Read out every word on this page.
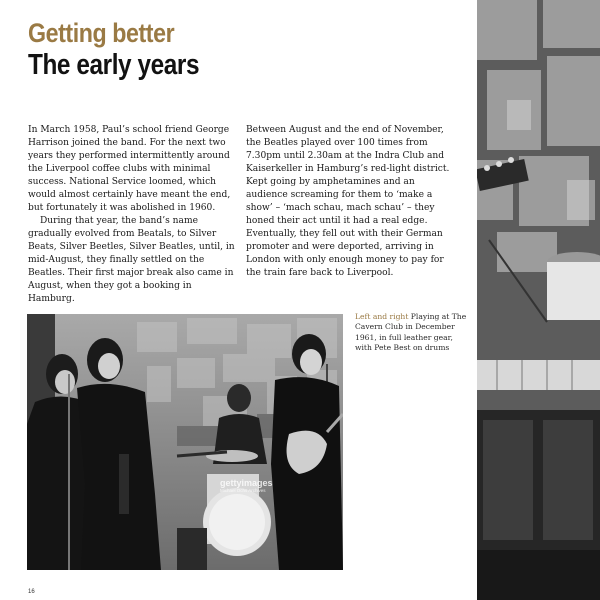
Getting better
The early years

In March 1958, Paul’s school friend George Harrison joined the band. For the next two years they performed intermittently around the Liverpool coffee clubs with minimal success. National Service loomed, which would almost certainly have meant the end, but fortunately it was abolished in 1960.

During that year, the band’s name gradually evolved from Beatals, to Silver Beats, Silver Beetles, Silver Beatles, until, in mid-August, they finally settled on the Beatles. Their first major break also came in August, when they got a booking in Hamburg.

Between August and the end of November, the Beatles played over 100 times from 7.30pm until 2.30am at the Indra Club and Kaiserkeller in Hamburg’s red-light district. Kept going by amphetamines and an audience screaming for them to ‘make a show’ – ‘mach schau, mach schau’ – they honed their act until it had a real edge. Eventually, they fell out with their German promoter and were deported, arriving in London with only enough money to pay for the train fare back to Liverpool.

gettyimages
Michael Ochs Archives
Left and right Playing at The Cavern Club in December 1961, in full leather gear, with Pete Best on drums
16
